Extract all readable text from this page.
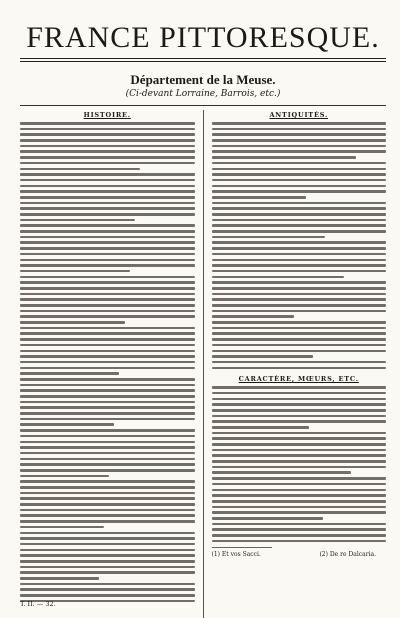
FRANCE PITTORESQUE.
Département de la Meuse.
(Ci-devant Lorraine, Barrois, etc.)
HISTOIRE.	ANTIQUITÉS.
CARACTÈRE, MŒURS, ETC.
(1) Et vos Sacci.	(2) De re Dalcaria.
T. II. — 32.
